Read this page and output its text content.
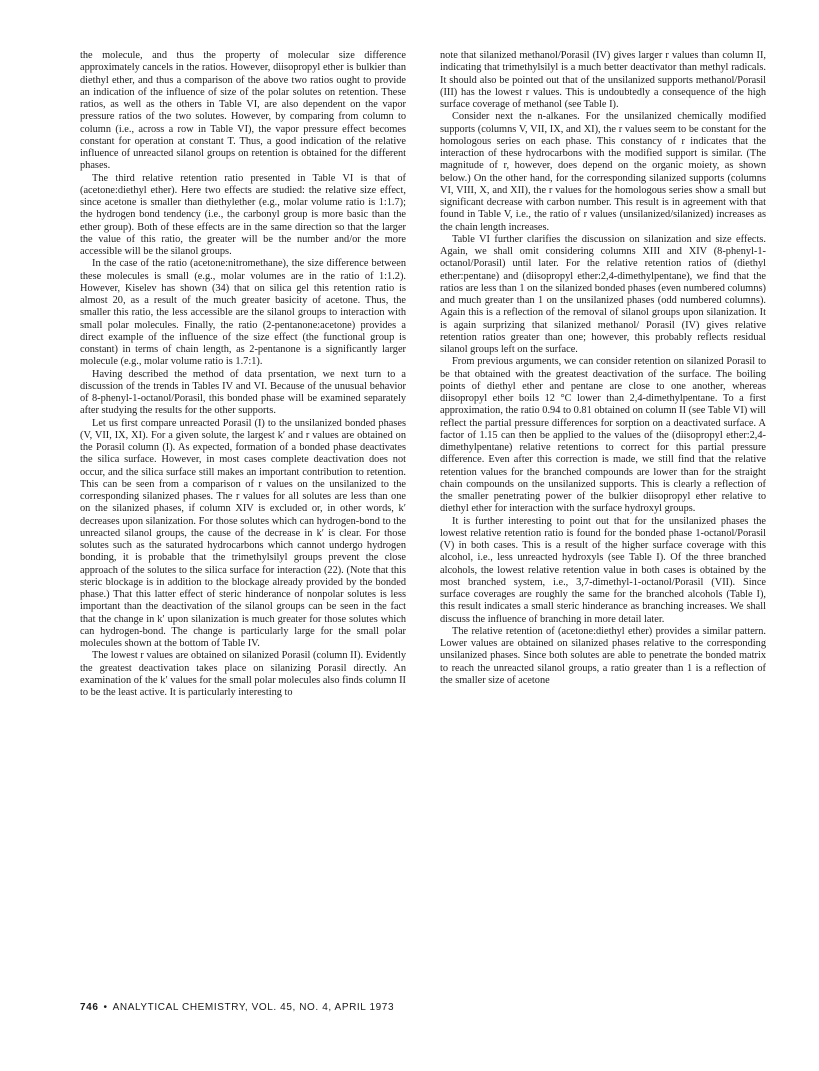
the molecule, and thus the property of molecular size difference approximately cancels in the ratios. However, diisopropyl ether is bulkier than diethyl ether, and thus a comparison of the above two ratios ought to provide an indication of the influence of size of the polar solutes on retention. These ratios, as well as the others in Table VI, are also dependent on the vapor pressure ratios of the two solutes. However, by comparing from column to column (i.e., across a row in Table VI), the vapor pressure effect becomes constant for operation at constant T. Thus, a good indication of the relative influence of unreacted silanol groups on retention is obtained for the different phases.

The third relative retention ratio presented in Table VI is that of (acetone:diethyl ether). Here two effects are studied: the relative size effect, since acetone is smaller than diethylether (e.g., molar volume ratio is 1:1.7); the hydrogen bond tendency (i.e., the carbonyl group is more basic than the ether group). Both of these effects are in the same direction so that the larger the value of this ratio, the greater will be the number and/or the more accessible will be the silanol groups.

In the case of the ratio (acetone:nitromethane), the size difference between these molecules is small (e.g., molar volumes are in the ratio of 1:1.2). However, Kiselev has shown (34) that on silica gel this retention ratio is almost 20, as a result of the much greater basicity of acetone. Thus, the smaller this ratio, the less accessible are the silanol groups to interaction with small polar molecules. Finally, the ratio (2-pentanone:acetone) provides a direct example of the influence of the size effect (the functional group is constant) in terms of chain length, as 2-pentanone is a significantly larger molecule (e.g., molar volume ratio is 1.7:1).

Having described the method of data prsentation, we next turn to a discussion of the trends in Tables IV and VI. Because of the unusual behavior of 8-phenyl-1-octanol/Porasil, this bonded phase will be examined separately after studying the results for the other supports.

Let us first compare unreacted Porasil (I) to the unsilanized bonded phases (V, VII, IX, XI). For a given solute, the largest k′ and r values are obtained on the Porasil column (I). As expected, formation of a bonded phase deactivates the silica surface. However, in most cases complete deactivation does not occur, and the silica surface still makes an important contribution to retention. This can be seen from a comparison of r values on the unsilanized to the corresponding silanized phases. The r values for all solutes are less than one on the silanized phases, if column XIV is excluded or, in other words, k′ decreases upon silanization. For those solutes which can hydrogen-bond to the unreacted silanol groups, the cause of the decrease in k′ is clear. For those solutes such as the saturated hydrocarbons which cannot undergo hydrogen bonding, it is probable that the trimethylsilyl groups prevent the close approach of the solutes to the silica surface for interaction (22). (Note that this steric blockage is in addition to the blockage already provided by the bonded phase.) That this latter effect of steric hinderance of nonpolar solutes is less important than the deactivation of the silanol groups can be seen in the fact that the change in k′ upon silanization is much greater for those solutes which can hydrogen-bond. The change is particularly large for the small polar molecules shown at the bottom of Table IV.

The lowest r values are obtained on silanized Porasil (column II). Evidently the greatest deactivation takes place on silanizing Porasil directly. An examination of the k′ values for the small polar molecules also finds column II to be the least active. It is particularly interesting to

note that silanized methanol/Porasil (IV) gives larger r values than column II, indicating that trimethylsilyl is a much better deactivator than methyl radicals. It should also be pointed out that of the unsilanized supports methanol/Porasil (III) has the lowest r values. This is undoubtedly a consequence of the high surface coverage of methanol (see Table I).

Consider next the n-alkanes. For the unsilanized chemically modified supports (columns V, VII, IX, and XI), the r values seem to be constant for the homologous series on each phase. This constancy of r indicates that the interaction of these hydrocarbons with the modified support is similar. (The magnitude of r, however, does depend on the organic moiety, as shown below.) On the other hand, for the corresponding silanized supports (columns VI, VIII, X, and XII), the r values for the homologous series show a small but significant decrease with carbon number. This result is in agreement with that found in Table V, i.e., the ratio of r values (unsilanized/silanized) increases as the chain length increases.

Table VI further clarifies the discussion on silanization and size effects. Again, we shall omit considering columns XIII and XIV (8-phenyl-1-octanol/Porasil) until later. For the relative retention ratios of (diethyl ether:pentane) and (diisopropyl ether:2,4-dimethylpentane), we find that the ratios are less than 1 on the silanized bonded phases (even numbered columns) and much greater than 1 on the unsilanized phases (odd numbered columns). Again this is a reflection of the removal of silanol groups upon silanization. It is again surprizing that silanized methanol/ Porasil (IV) gives relative retention ratios greater than one; however, this probably reflects residual silanol groups left on the surface.

From previous arguments, we can consider retention on silanized Porasil to be that obtained with the greatest deactivation of the surface. The boiling points of diethyl ether and pentane are close to one another, whereas diisopropyl ether boils 12 °C lower than 2,4-dimethylpentane. To a first approximation, the ratio 0.94 to 0.81 obtained on column II (see Table VI) will reflect the partial pressure differences for sorption on a deactivated surface. A factor of 1.15 can then be applied to the values of the (diisopropyl ether:2,4-dimethylpentane) relative retentions to correct for this partial pressure difference. Even after this correction is made, we still find that the relative retention values for the branched compounds are lower than for the straight chain compounds on the unsilanized supports. This is clearly a reflection of the smaller penetrating power of the bulkier diisopropyl ether relative to diethyl ether for interaction with the surface hydroxyl groups.

It is further interesting to point out that for the unsilanized phases the lowest relative retention ratio is found for the bonded phase 1-octanol/Porasil (V) in both cases. This is a result of the higher surface coverage with this alcohol, i.e., less unreacted hydroxyls (see Table I). Of the three branched alcohols, the lowest relative retention value in both cases is obtained by the most branched system, i.e., 3,7-dimethyl-1-octanol/Porasil (VII). Since surface coverages are roughly the same for the branched alcohols (Table I), this result indicates a small steric hinderance as branching increases. We shall discuss the influence of branching in more detail later.

The relative retention of (acetone:diethyl ether) provides a similar pattern. Lower values are obtained on silanized phases relative to the corresponding unsilanized phases. Since both solutes are able to penetrate the bonded matrix to reach the unreacted silanol groups, a ratio greater than 1 is a reflection of the smaller size of acetone

746 • ANALYTICAL CHEMISTRY, VOL. 45, NO. 4, APRIL 1973
